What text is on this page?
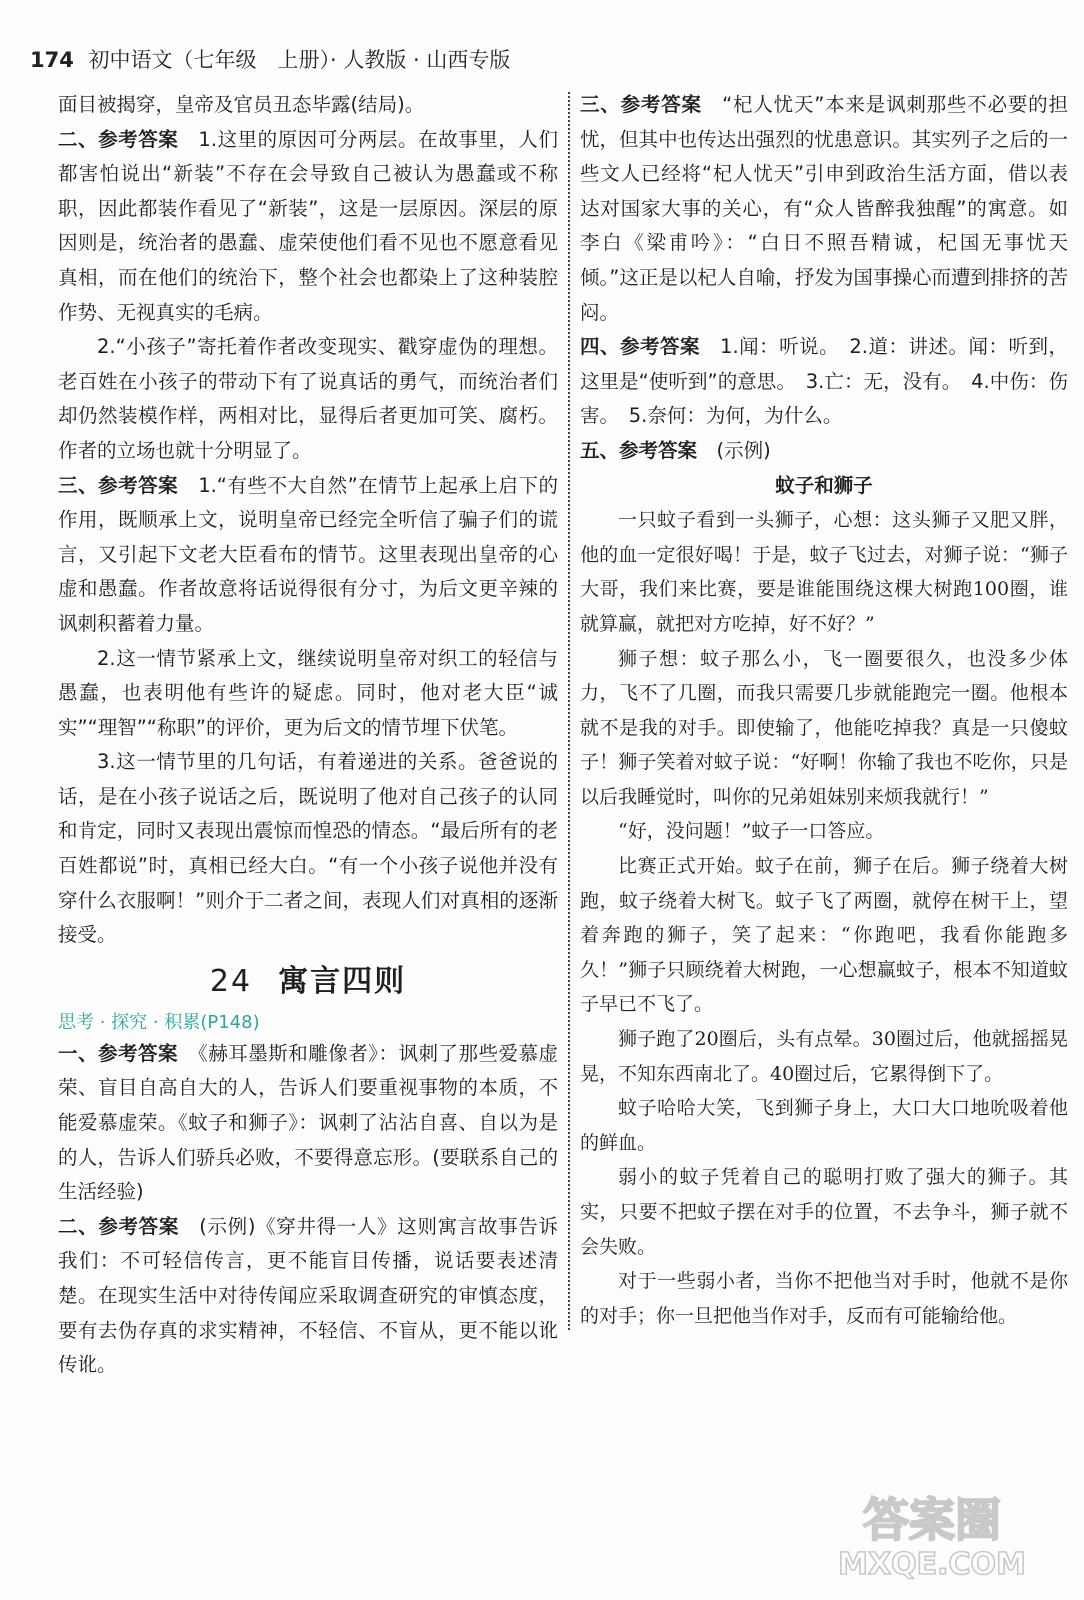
174 初中语文（七年级　上册）· 人教版 · 山西专版

面目被揭穿，皇帝及官员丑态毕露(结局)。

二、参考答案　 1.这里的原因可分两层。在故事里，人们都害怕说出“新装”不存在会导致自己被认为愚蠢或不称职，因此都装作看见了“新装”，这是一层原因。深层的原因则是，统治者的愚蠢、虚荣使他们看不见也不愿意看见真相，而在他们的统治下，整个社会也都染上了这种装腔作势、无视真实的毛病。

2.“小孩子”寄托着作者改变现实、戳穿虚伪的理想。老百姓在小孩子的带动下有了说真话的勇气，而统治者们却仍然装模作样，两相对比，显得后者更加可笑、腐朽。作者的立场也就十分明显了。

三、参考答案　 1.“有些不大自然”在情节上起承上启下的作用，既顺承上文，说明皇帝已经完全听信了骗子们的谎言，又引起下文老大臣看布的情节。这里表现出皇帝的心虚和愚蠢。作者故意将话说得很有分寸，为后文更辛辣的讽刺积蓄着力量。

2.这一情节紧承上文，继续说明皇帝对织工的轻信与愚蠢，也表明他有些许的疑虑。同时，他对老大臣“诚实”“理智”“称职”的评价，更为后文的情节埋下伏笔。

3.这一情节里的几句话，有着递进的关系。爸爸说的话，是在小孩子说话之后，既说明了他对自己孩子的认同和肯定，同时又表现出震惊而惶恐的情态。“最后所有的老百姓都说”时，真相已经大白。“有一个小孩子说他并没有穿什么衣服啊！”则介于二者之间，表现人们对真相的逐渐接受。

24 寓言四则

思考 · 探究 · 积累(P148)

一、参考答案　 《赫耳墨斯和雕像者》：讽刺了那些爱慕虚荣、盲目自高自大的人，告诉人们要重视事物的本质，不能爱慕虚荣。《蚊子和狮子》：讽刺了沾沾自喜、自以为是的人，告诉人们骄兵必败，不要得意忘形。(要联系自己的生活经验)

二、参考答案　 (示例)《穿井得一人》这则寓言故事告诉我们：不可轻信传言，更不能盲目传播，说话要表述清楚。在现实生活中对待传闻应采取调查研究的审慎态度，要有去伪存真的求实精神，不轻信、不盲从，更不能以讹传讹。

三、参考答案　 “杞人忧天”本来是讽刺那些不必要的担忧，但其中也传达出强烈的忧患意识。其实列子之后的一些文人已经将“杞人忧天”引申到政治生活方面，借以表达对国家大事的关心，有“众人皆醉我独醒”的寓意。如李白《梁甫吟》：“白日不照吾精诚，杞国无事忧天倾。”这正是以杞人自喻，抒发为国事操心而遭到排挤的苦闷。

四、参考答案　 1.闻：听说。　2.道：讲述。闻：听到，这里是“使听到”的意思。　3.亡：无，没有。　4.中伤：伤害。　5.奈何：为何，为什么。

五、参考答案　 (示例)

蚊子和狮子

一只蚊子看到一头狮子，心想：这头狮子又肥又胖，他的血一定很好喝！于是，蚊子飞过去，对狮子说：“狮子大哥，我们来比赛，要是谁能围绕这棵大树跑100圈，谁就算赢，就把对方吃掉，好不好？”

狮子想：蚊子那么小，飞一圈要很久，也没多少体力，飞不了几圈，而我只需要几步就能跑完一圈。他根本就不是我的对手。即使输了，他能吃掉我？真是一只傻蚊子！狮子笑着对蚊子说：“好啊！你输了我也不吃你，只是以后我睡觉时，叫你的兄弟姐妹别来烦我就行！”

“好，没问题！”蚊子一口答应。

比赛正式开始。蚊子在前，狮子在后。狮子绕着大树跑，蚊子绕着大树飞。蚊子飞了两圈，就停在树干上，望着奔跑的狮子，笑了起来：“你跑吧，我看你能跑多久！”狮子只顾绕着大树跑，一心想赢蚊子，根本不知道蚊子早已不飞了。

狮子跑了20圈后，头有点晕。30圈过后，他就摇摇晃晃，不知东西南北了。40圈过后，它累得倒下了。

蚊子哈哈大笑，飞到狮子身上，大口大口地吮吸着他的鲜血。

弱小的蚊子凭着自己的聪明打败了强大的狮子。其实，只要不把蚊子摆在对手的位置，不去争斗，狮子就不会失败。

对于一些弱小者，当你不把他当对手时，他就不是你的对手；你一旦把他当作对手，反而有可能输给他。

答案圈
MXQE.COM
